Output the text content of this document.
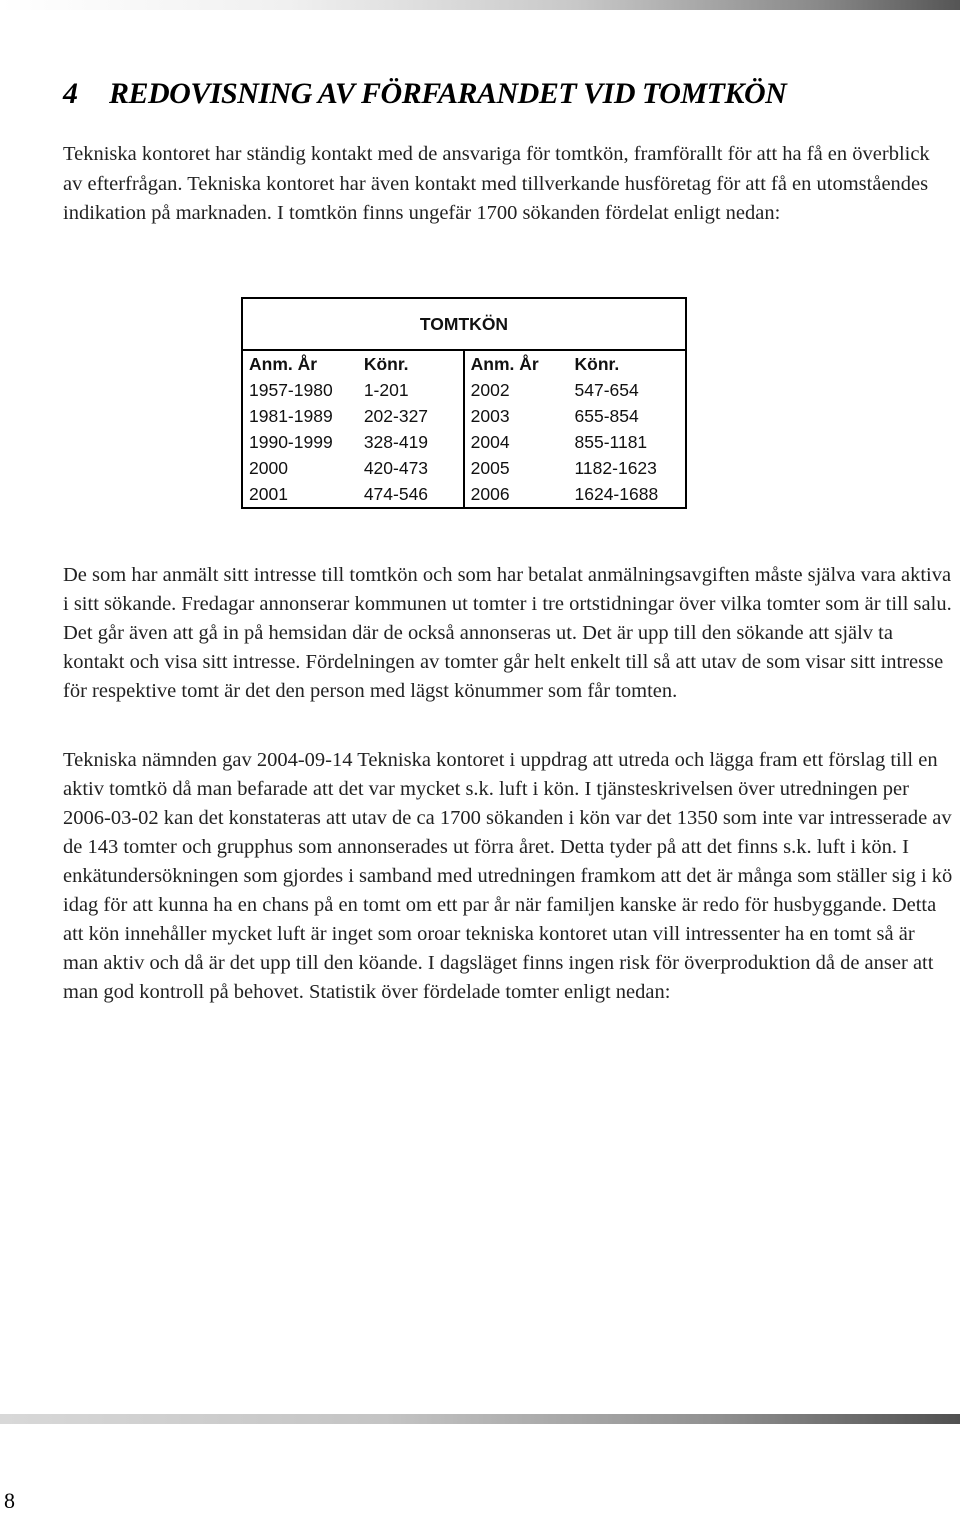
4 REDOVISNING AV FÖRFARANDET VID TOMTKÖN

Tekniska kontoret har ständig kontakt med de ansvariga för tomtkön, framförallt för att ha få en överblick av efterfrågan. Tekniska kontoret har även kontakt med tillverkande husföretag för att få en utomståendes indikation på marknaden. I tomtkön finns ungefär 1700 sökanden fördelat enligt nedan:

TOMTKÖN			
Anm. År	Könr.	Anm. År	Könr.
1957-1980	1-201	2002	547-654
1981-1989	202-327	2003	655-854
1990-1999	328-419	2004	855-1181
2000	420-473	2005	1182-1623
2001	474-546	2006	1624-1688

De som har anmält sitt intresse till tomtkön och som har betalat anmälningsavgiften måste själva vara aktiva i sitt sökande. Fredagar annonserar kommunen ut tomter i tre ortstidningar över vilka tomter som är till salu. Det går även att gå in på hemsidan där de också annonseras ut. Det är upp till den sökande att själv ta kontakt och visa sitt intresse. Fördelningen av tomter går helt enkelt till så att utav de som visar sitt intresse för respektive tomt är det den person med lägst könummer som får tomten.

Tekniska nämnden gav 2004-09-14 Tekniska kontoret i uppdrag att utreda och lägga fram ett förslag till en aktiv tomtkö då man befarade att det var mycket s.k. luft i kön. I tjänsteskrivelsen över utredningen per 2006-03-02 kan det konstateras att utav de ca 1700 sökanden i kön var det 1350 som inte var intresserade av de 143 tomter och grupphus som annonserades ut förra året. Detta tyder på att det finns s.k. luft i kön. I enkätundersökningen som gjordes i samband med utredningen framkom att det är många som ställer sig i kö idag för att kunna ha en chans på en tomt om ett par år när familjen kanske är redo för husbyggande. Detta att kön innehåller mycket luft är inget som oroar tekniska kontoret utan vill intressenter ha en tomt så är man aktiv och då är det upp till den köande. I dagsläget finns ingen risk för överproduktion då de anser att man god kontroll på behovet. Statistik över fördelade tomter enligt nedan:

8
